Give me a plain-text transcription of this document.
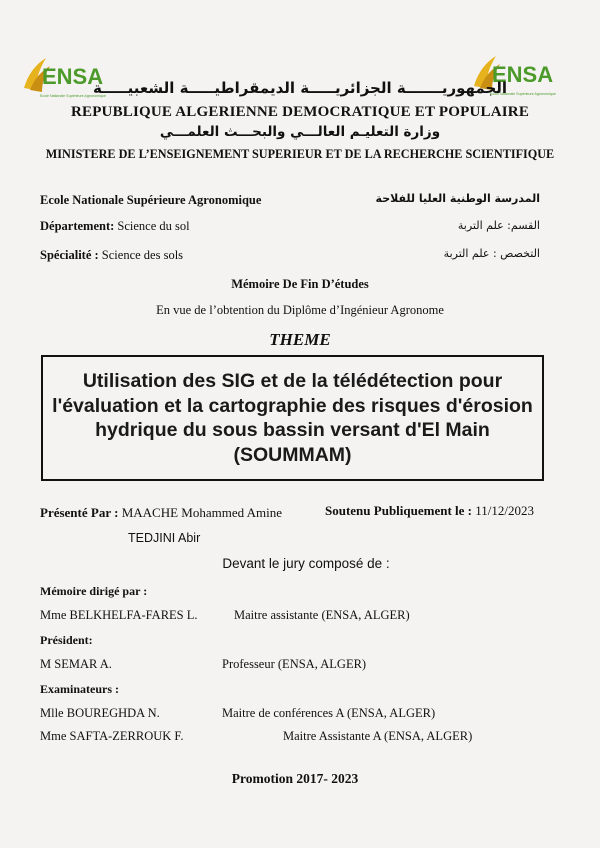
ENSA
Ecole Nationale Supérieure Agronomique
ENSA
Ecole Nationale Supérieure Agronomique
الجمهوريـــــــة الجزائريـــــة الديمقراطيـــــة الشعبيـــــة
REPUBLIQUE ALGERIENNE DEMOCRATIQUE ET POPULAIRE
وزارة التعليـم العالـــي والبحـــث العلمـــي
MINISTERE DE L’ENSEIGNEMENT SUPERIEUR ET DE LA RECHERCHE SCIENTIFIQUE
Ecole Nationale Supérieure Agronomique	المدرسة الوطنية العليا للفلاحة
Département: Science du sol	القسم: علم التربة
Spécialité : Science des sols	التخصص : علم التربة
Mémoire De Fin D’études
En vue de l’obtention du Diplôme d’Ingénieur Agronome
THEME
Utilisation des SIG et de la télédétection pour
l'évaluation et la cartographie des risques d'érosion
hydrique du sous bassin versant d'El Main
(SOUMMAM)
Présenté Par : MAACHE Mohammed Amine	Soutenu Publiquement le : 11/12/2023
TEDJINI Abir
Devant le jury composé de :
Mémoire dirigé par :
Mme BELKHELFA-FARES L.	Maitre assistante (ENSA, ALGER)
Président:
M SEMAR A.	Professeur (ENSA, ALGER)
Examinateurs :
Mlle BOUREGHDA N.	Maitre de conférences A (ENSA, ALGER)
Mme SAFTA-ZERROUK F.	Maitre Assistante A (ENSA, ALGER)
Promotion 2017- 2023
